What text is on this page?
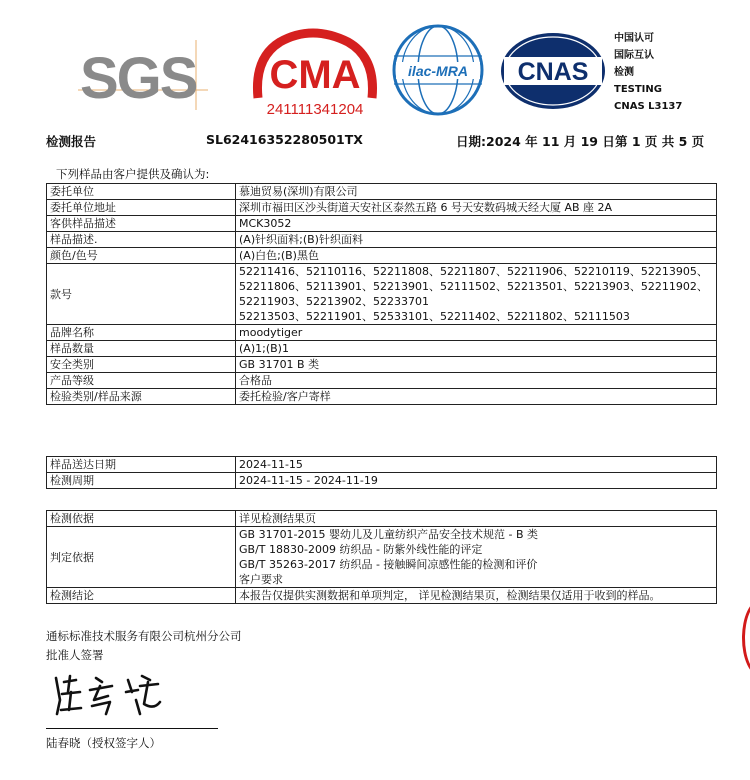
SGS CMA
241111341204
ilac-MRA CNAS
中国认可
国际互认
检测
TESTING
CNAS L3137
检测报告	SL62416352280501TX	日期:2024 年 11 月 19 日 第 1 页 共 5 页
下列样品由客户提供及确认为:
委托单位	慕迪贸易(深圳)有限公司

委托单位地址	深圳市福田区沙头街道天安社区泰然五路 6 号天安数码城天经大厦 AB 座 2A

客供样品描述	MCK3052

样品描述.	(A)针织面料;(B)针织面料

颜色/色号	(A)白色;(B)黑色

款号	52211416、52110116、52211808、52211807、52211906、52210119、52213905、
52211806、52113901、52213901、52111502、52213501、52213903、52211902、
52211903、52213902、52233701
52213503、52211901、52533101、52211402、52211802、52111503

品牌名称	moodytiger

样品数量	(A)1;(B)1

安全类别	GB 31701 B 类

产品等级	合格品

检验类别/样品来源	委托检验/客户寄样
样品送达日期	2024-11-15

检测周期	2024-11-15 - 2024-11-19
检测依据	详见检测结果页

判定依据	GB 31701-2015 婴幼儿及儿童纺织产品安全技术规范 - B 类
GB/T 18830-2009 纺织品 - 防紫外线性能的评定
GB/T 35263-2017 纺织品 - 接触瞬间凉感性能的检测和评价
客户要求

检测结论	本报告仅提供实测数据和单项判定， 详见检测结果页，检测结果仅适用于收到的样品。
通标标准技术服务有限公司杭州分公司
批准人签署
陆春晓（授权签字人）
